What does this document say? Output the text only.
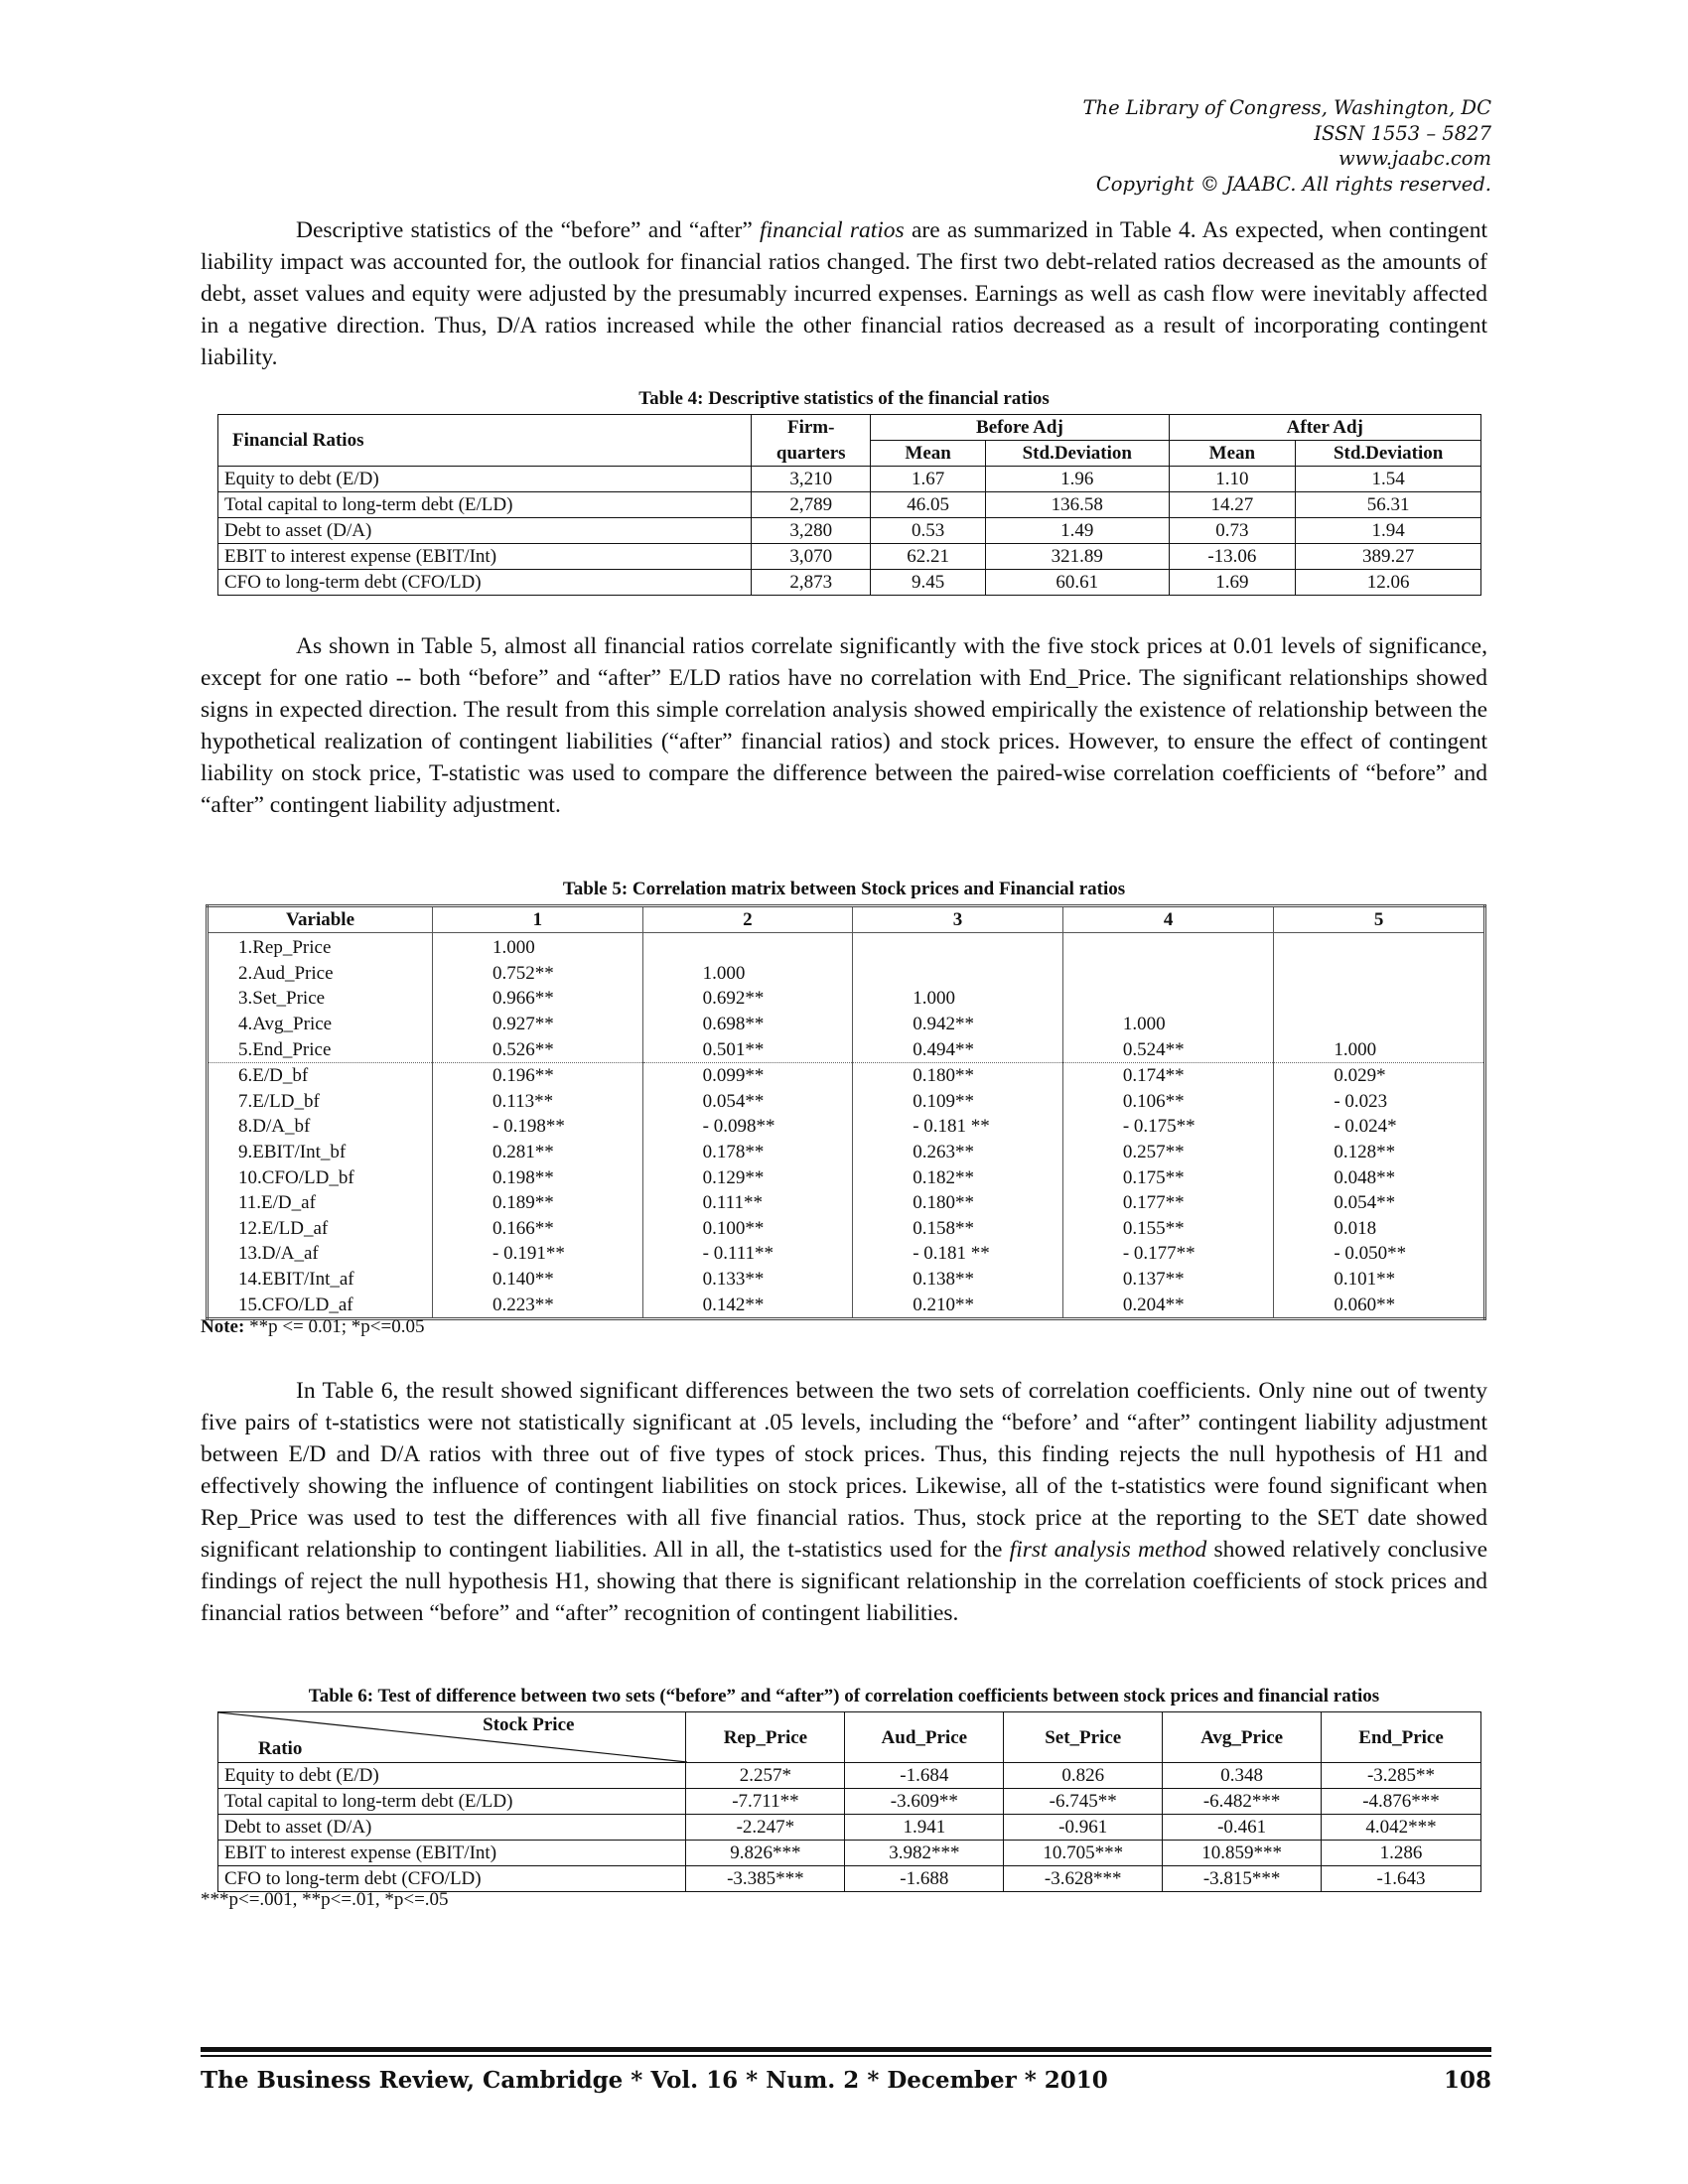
The Library of Congress, Washington, DC
ISSN 1553 – 5827
www.jaabc.com
Copyright © JAABC. All rights reserved.

Descriptive statistics of the “before” and “after” financial ratios are as summarized in Table 4. As expected, when contingent liability impact was accounted for, the outlook for financial ratios changed. The first two debt-related ratios decreased as the amounts of debt, asset values and equity were adjusted by the presumably incurred expenses. Earnings as well as cash flow were inevitably affected in a negative direction. Thus, D/A ratios increased while the other financial ratios decreased as a result of incorporating contingent liability.

Table 4: Descriptive statistics of the financial ratios

Financial Ratios	Firm-	Before Adj		After Adj	
	quarters	Mean	Std.Deviation	Mean	Std.Deviation
Equity to debt (E/D)	3,210	1.67	1.96	1.10	1.54
Total capital to long-term debt (E/LD)	2,789	46.05	136.58	14.27	56.31
Debt to asset (D/A)	3,280	0.53	1.49	0.73	1.94
EBIT to interest expense (EBIT/Int)	3,070	62.21	321.89	-13.06	389.27
CFO to long-term debt (CFO/LD)	2,873	9.45	60.61	1.69	12.06

As shown in Table 5, almost all financial ratios correlate significantly with the five stock prices at 0.01 levels of significance, except for one ratio -- both “before” and “after” E/LD ratios have no correlation with End_Price. The significant relationships showed signs in expected direction. The result from this simple correlation analysis showed empirically the existence of relationship between the hypothetical realization of contingent liabilities (“after” financial ratios) and stock prices. However, to ensure the effect of contingent liability on stock price, T-statistic was used to compare the difference between the paired-wise correlation coefficients of “before” and “after” contingent liability adjustment.

Table 5: Correlation matrix between Stock prices and Financial ratios

Variable	1	2	3	4	5
1.Rep_Price	1.000				
2.Aud_Price	0.752**	1.000			
3.Set_Price	0.966**	0.692**	1.000		
4.Avg_Price	0.927**	0.698**	0.942**	1.000	
5.End_Price	0.526**	0.501**	0.494**	0.524**	1.000
6.E/D_bf	0.196**	0.099**	0.180**	0.174**	0.029*
7.E/LD_bf	0.113**	0.054**	0.109**	0.106**	- 0.023
8.D/A_bf	- 0.198**	- 0.098**	- 0.181 **	- 0.175**	- 0.024*
9.EBIT/Int_bf	0.281**	0.178**	0.263**	0.257**	0.128**
10.CFO/LD_bf	0.198**	0.129**	0.182**	0.175**	0.048**
11.E/D_af	0.189**	0.111**	0.180**	0.177**	0.054**
12.E/LD_af	0.166**	0.100**	0.158**	0.155**	0.018
13.D/A_af	- 0.191**	- 0.111**	- 0.181 **	- 0.177**	- 0.050**
14.EBIT/Int_af	0.140**	0.133**	0.138**	0.137**	0.101**
15.CFO/LD_af	0.223**	0.142**	0.210**	0.204**	0.060**
Note: **p <= 0.01; *p<=0.05

In Table 6, the result showed significant differences between the two sets of correlation coefficients. Only nine out of twenty five pairs of t-statistics were not statistically significant at .05 levels, including the “before’ and “after” contingent liability adjustment between E/D and D/A ratios with three out of five types of stock prices. Thus, this finding rejects the null hypothesis of H1 and effectively showing the influence of contingent liabilities on stock prices. Likewise, all of the t-statistics were found significant when Rep_Price was used to test the differences with all five financial ratios. Thus, stock price at the reporting to the SET date showed significant relationship to contingent liabilities. All in all, the t-statistics used for the first analysis method showed relatively conclusive findings of reject the null hypothesis H1, showing that there is significant relationship in the correlation coefficients of stock prices and financial ratios between “before” and “after” recognition of contingent liabilities.

Table 6: Test of difference between two sets (“before” and “after”) of correlation coefficients between stock prices and financial ratios

Stock Price
Ratio	Rep_Price	Aud_Price	Set_Price	Avg_Price	End_Price
Equity to debt (E/D)	2.257*	-1.684	0.826	0.348	-3.285**
Total capital to long-term debt (E/LD)	-7.711**	-3.609**	-6.745**	-6.482***	-4.876***
Debt to asset (D/A)	-2.247*	1.941	-0.961	-0.461	4.042***
EBIT to interest expense (EBIT/Int)	9.826***	3.982***	10.705***	10.859***	1.286
CFO to long-term debt (CFO/LD)	-3.385***	-1.688	-3.628***	-3.815***	-1.643
***p<=.001, **p<=.01, *p<=.05
The Business Review, Cambridge * Vol. 16 * Num. 2 * December * 2010	108
